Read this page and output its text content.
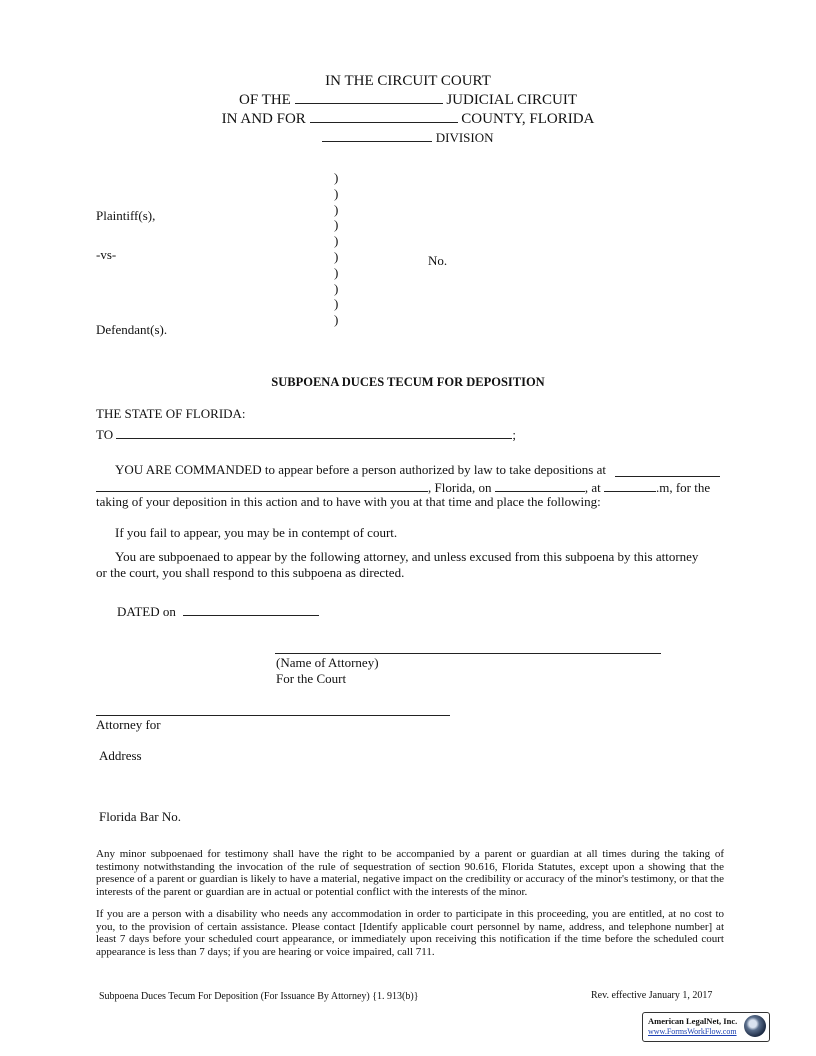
IN THE CIRCUIT COURT
OF THE	JUDICIAL CIRCUIT
IN AND FOR	COUNTY, FLORIDA
DIVISION
)
)
)
)
)
)
)
)
)
)
Plaintiff(s),
-vs-	No.
Defendant(s).
SUBPOENA DUCES TECUM FOR DEPOSITION
THE STATE OF FLORIDA:
TO	;
YOU ARE COMMANDED to appear before a person authorized by law to take depositions at
, Florida, on	, at	.m, for the
taking of your deposition in this action and to have with you at that time and place the following:
If you fail to appear, you may be in contempt of court.
You are subpoenaed to appear by the following attorney, and unless excused from this subpoena by this attorney
or the court, you shall respond to this subpoena as directed.
DATED on
(Name of Attorney)
For the Court
Attorney for
Address
Florida Bar No.
Any minor subpoenaed for testimony shall have the right to be accompanied by a parent or guardian at all times during the taking of testimony notwithstanding the invocation of the rule of sequestration of section 90.616, Florida Statutes, except upon a showing that the presence of a parent or guardian is likely to have a material, negative impact on the credibility or accuracy of the minor's testimony, or that the interests of the parent or guardian are in actual or potential conflict with the interests of the minor.
If you are a person with a disability who needs any accommodation in order to participate in this proceeding, you are entitled, at no cost to you, to the provision of certain assistance. Please contact [Identify applicable court personnel by name, address, and telephone number] at least 7 days before your scheduled court appearance, or immediately upon receiving this notification if the time before the scheduled court appearance is less than 7 days; if you are hearing or voice impaired, call 711.
Subpoena Duces Tecum For Deposition (For Issuance By Attorney) {1. 913(b)}	Rev. effective January 1, 2017
American LegalNet, Inc.
www.FormsWorkFlow.com
